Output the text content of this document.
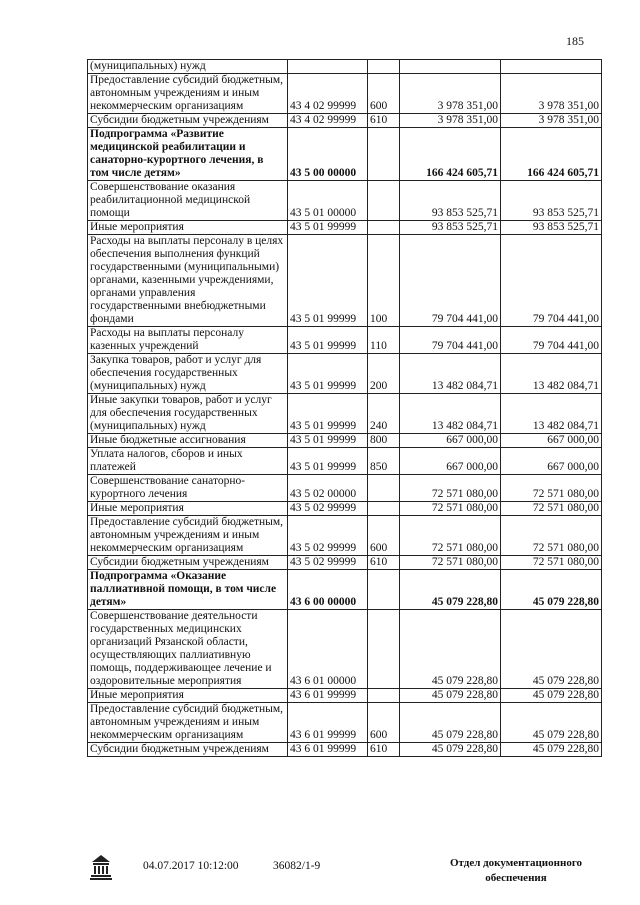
185
(муниципальных) нужд				
Предоставление субсидий бюджетным, автономным учреждениям и иным некоммерческим организациям	43 4 02 99999	600	3 978 351,00	3 978 351,00
Субсидии бюджетным учреждениям	43 4 02 99999	610	3 978 351,00	3 978 351,00
Подпрограмма «Развитие медицинской реабилитации и санаторно-курортного лечения, в том числе детям»	43 5 00 00000		166 424 605,71	166 424 605,71
Совершенствование оказания реабилитационной медицинской помощи	43 5 01 00000		93 853 525,71	93 853 525,71
Иные мероприятия	43 5 01 99999		93 853 525,71	93 853 525,71
Расходы на выплаты персоналу в целях обеспечения выполнения функций государственными (муниципальными) органами, казенными учреждениями, органами управления государственными внебюджетными фондами	43 5 01 99999	100	79 704 441,00	79 704 441,00
Расходы на выплаты персоналу казенных учреждений	43 5 01 99999	110	79 704 441,00	79 704 441,00
Закупка товаров, работ и услуг для обеспечения государственных (муниципальных) нужд	43 5 01 99999	200	13 482 084,71	13 482 084,71
Иные закупки товаров, работ и услуг для обеспечения государственных (муниципальных) нужд	43 5 01 99999	240	13 482 084,71	13 482 084,71
Иные бюджетные ассигнования	43 5 01 99999	800	667 000,00	667 000,00
Уплата налогов, сборов и иных платежей	43 5 01 99999	850	667 000,00	667 000,00
Совершенствование санаторно-курортного лечения	43 5 02 00000		72 571 080,00	72 571 080,00
Иные мероприятия	43 5 02 99999		72 571 080,00	72 571 080,00
Предоставление субсидий бюджетным, автономным учреждениям и иным некоммерческим организациям	43 5 02 99999	600	72 571 080,00	72 571 080,00
Субсидии бюджетным учреждениям	43 5 02 99999	610	72 571 080,00	72 571 080,00
Подпрограмма «Оказание паллиативной помощи, в том числе детям»	43 6 00 00000		45 079 228,80	45 079 228,80
Совершенствование деятельности государственных медицинских организаций Рязанской области, осуществляющих паллиативную помощь, поддерживающее лечение и оздоровительные мероприятия	43 6 01 00000		45 079 228,80	45 079 228,80
Иные мероприятия	43 6 01 99999		45 079 228,80	45 079 228,80
Предоставление субсидий бюджетным, автономным учреждениям и иным некоммерческим организациям	43 6 01 99999	600	45 079 228,80	45 079 228,80
Субсидии бюджетным учреждениям	43 6 01 99999	610	45 079 228,80	45 079 228,80
04.07.2017 10:12:00	36082/1-9	Отдел документационного обеспечения
